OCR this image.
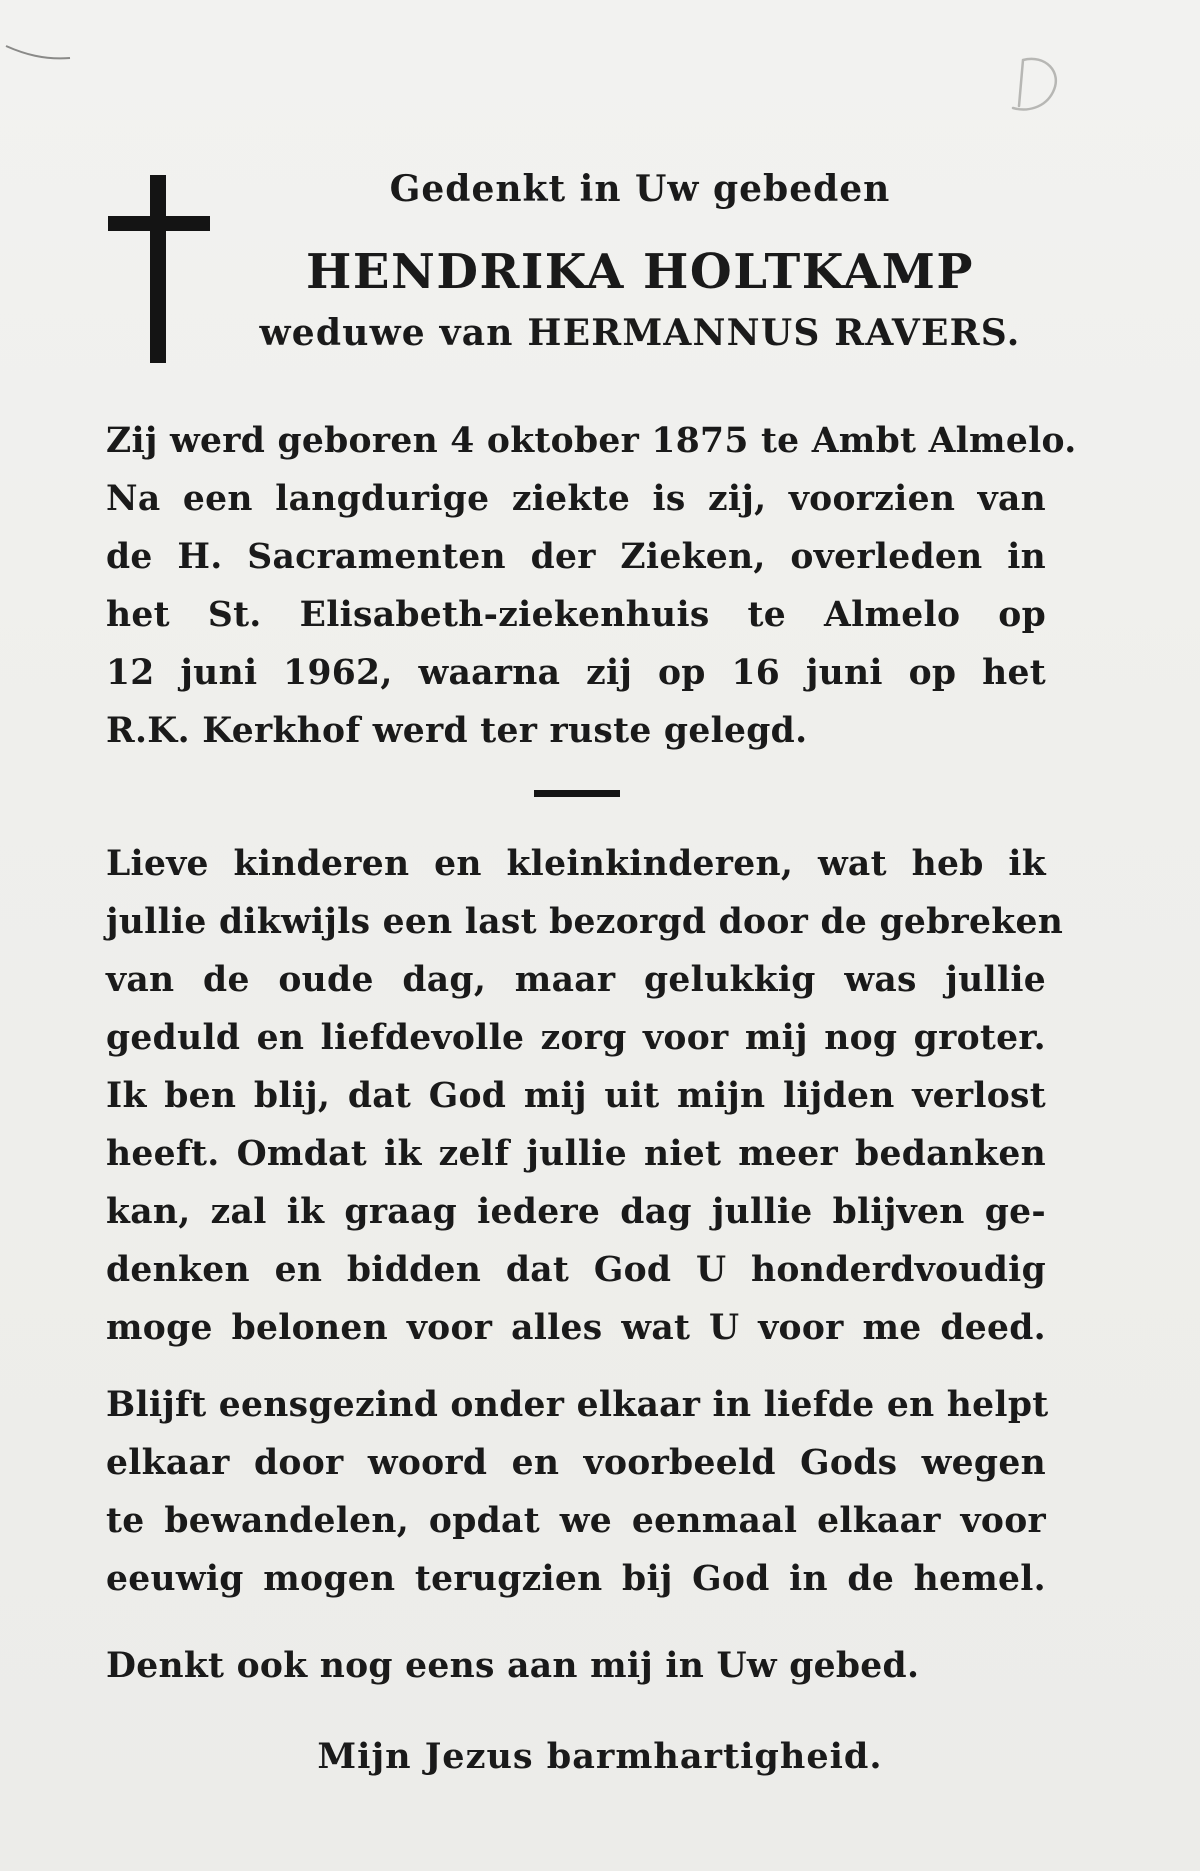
Gedenkt in Uw gebeden
HENDRIKA HOLTKAMP
weduwe van HERMANNUS RAVERS.
Zij werd geboren 4 oktober 1875 te Ambt Almelo.
Na een langdurige ziekte is zij, voorzien van
de H. Sacramenten der Zieken, overleden in
het St. Elisabeth-ziekenhuis te Almelo op
12 juni 1962, waarna zij op 16 juni op het
R.K. Kerkhof werd ter ruste gelegd.
Lieve kinderen en kleinkinderen, wat heb ik
jullie dikwijls een last bezorgd door de gebreken
van de oude dag, maar gelukkig was jullie
geduld en liefdevolle zorg voor mij nog groter.
Ik ben blij, dat God mij uit mijn lijden verlost
heeft. Omdat ik zelf jullie niet meer bedanken
kan, zal ik graag iedere dag jullie blijven ge-
denken en bidden dat God U honderdvoudig
moge belonen voor alles wat U voor me deed.
Blijft eensgezind onder elkaar in liefde en helpt
elkaar door woord en voorbeeld Gods wegen
te bewandelen, opdat we eenmaal elkaar voor
eeuwig mogen terugzien bij God in de hemel.
Denkt ook nog eens aan mij in Uw gebed.
Mijn Jezus barmhartigheid.
